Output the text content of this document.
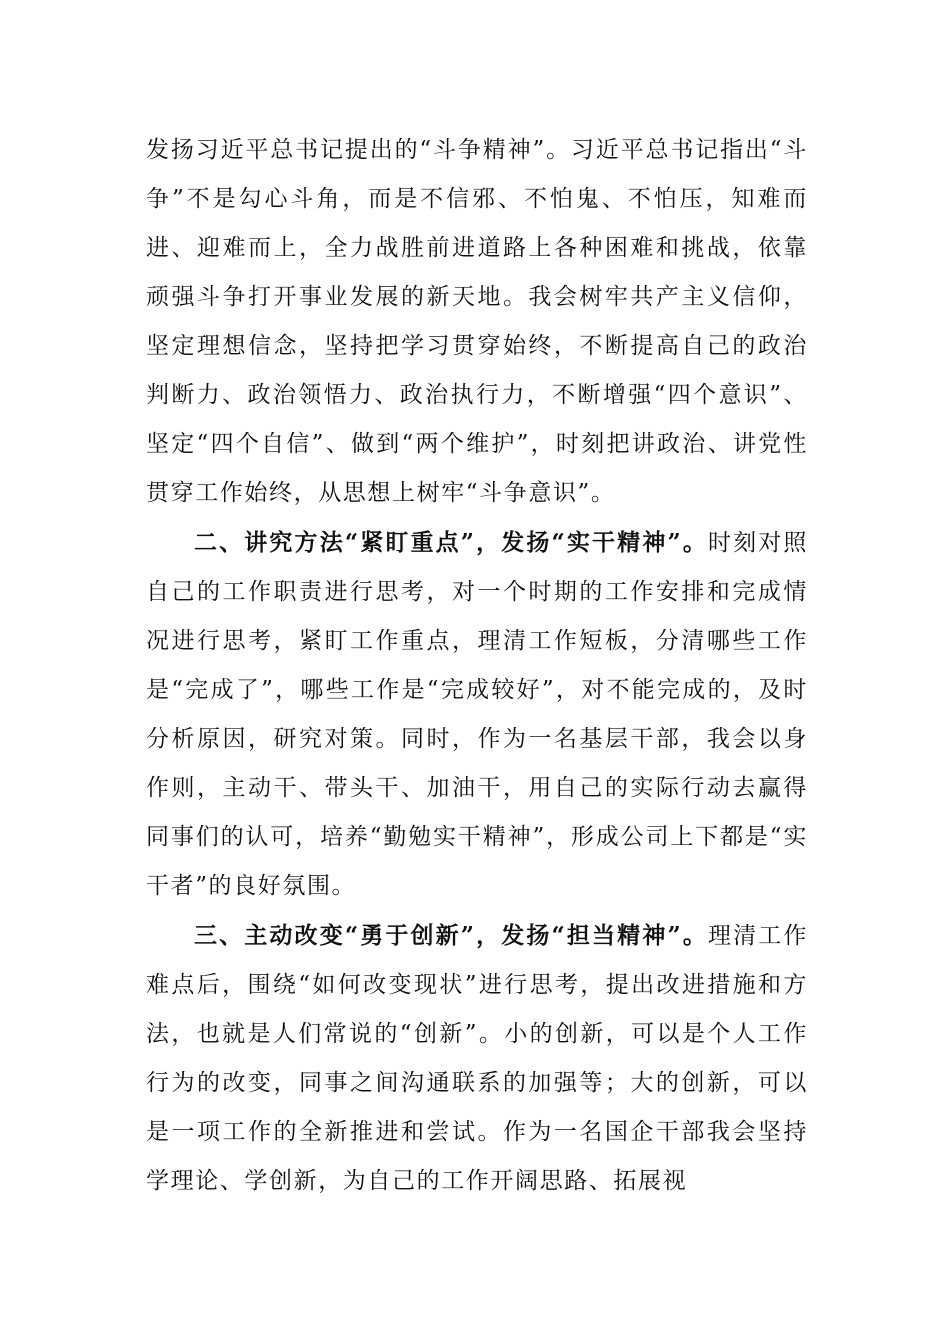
发扬习近平总书记提出的“斗争精神”。习近平总书记指出“斗争”不是勾心斗角，而是不信邪、不怕鬼、不怕压，知难而进、迎难而上，全力战胜前进道路上各种困难和挑战，依靠顽强斗争打开事业发展的新天地。我会树牢共产主义信仰，坚定理想信念，坚持把学习贯穿始终，不断提高自己的政治判断力、政治领悟力、政治执行力，不断增强“四个意识”、坚定“四个自信”、做到“两个维护”，时刻把讲政治、讲党性贯穿工作始终，从思想上树牢“斗争意识”。

二、讲究方法“紧盯重点”，发扬“实干精神”。时刻对照自己的工作职责进行思考，对一个时期的工作安排和完成情况进行思考，紧盯工作重点，理清工作短板，分清哪些工作是“完成了”，哪些工作是“完成较好”，对不能完成的，及时分析原因，研究对策。同时，作为一名基层干部，我会以身作则，主动干、带头干、加油干，用自己的实际行动去赢得同事们的认可，培养“勤勉实干精神”，形成公司上下都是“实干者”的良好氛围。

三、主动改变“勇于创新”，发扬“担当精神”。理清工作难点后，围绕“如何改变现状”进行思考，提出改进措施和方法，也就是人们常说的“创新”。小的创新，可以是个人工作行为的改变，同事之间沟通联系的加强等；大的创新，可以是一项工作的全新推进和尝试。作为一名国企干部我会坚持学理论、学创新，为自己的工作开阔思路、拓展视
